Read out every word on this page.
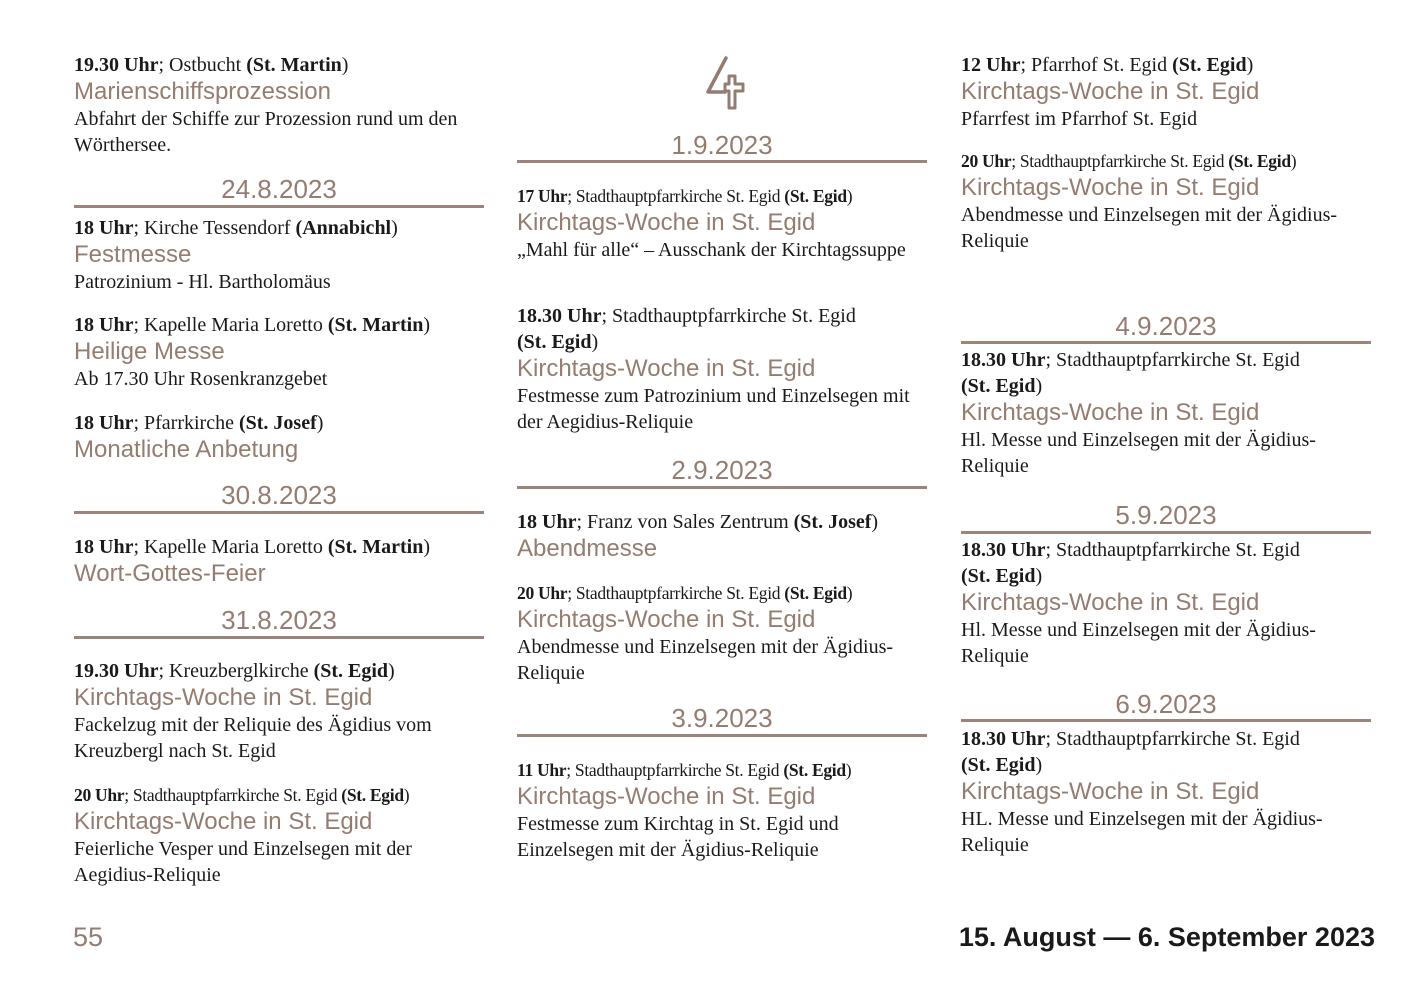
19.30 Uhr; Ostbucht (St. Martin)
Marienschiffsprozession
Abfahrt der Schiffe zur Prozession rund um den Wörthersee.
24.8.2023
18 Uhr; Kirche Tessendorf (Annabichl)
Festmesse
Patrozinium - Hl. Bartholomäus
18 Uhr; Kapelle Maria Loretto (St. Martin)
Heilige Messe
Ab 17.30 Uhr Rosenkranzgebet
18 Uhr; Pfarrkirche (St. Josef)
Monatliche Anbetung
30.8.2023
18 Uhr; Kapelle Maria Loretto (St. Martin)
Wort-Gottes-Feier
31.8.2023
19.30 Uhr; Kreuzberglkirche (St. Egid)
Kirchtags-Woche in St. Egid
Fackelzug mit der Reliquie des Ägidius vom Kreuzbergl nach St. Egid
20 Uhr; Stadthauptpfarrkirche St. Egid (St. Egid)
Kirchtags-Woche in St. Egid
Feierliche Vesper und Einzelsegen mit der Aegidius-Reliquie
1.9.2023
17 Uhr; Stadthauptpfarrkirche St. Egid (St. Egid)
Kirchtags-Woche in St. Egid
„Mahl für alle“ – Ausschank der Kirchtagssuppe
18.30 Uhr; Stadthauptpfarrkirche St. Egid
(St. Egid)
Kirchtags-Woche in St. Egid
Festmesse zum Patrozinium und Einzelsegen mit der Aegidius-Reliquie
2.9.2023
18 Uhr; Franz von Sales Zentrum (St. Josef)
Abendmesse
20 Uhr; Stadthauptpfarrkirche St. Egid (St. Egid)
Kirchtags-Woche in St. Egid
Abendmesse und Einzelsegen mit der Ägidius-Reliquie
3.9.2023
11 Uhr; Stadthauptpfarrkirche St. Egid (St. Egid)
Kirchtags-Woche in St. Egid
Festmesse zum Kirchtag in St. Egid und Einzelsegen mit der Ägidius-Reliquie
12 Uhr; Pfarrhof St. Egid (St. Egid)
Kirchtags-Woche in St. Egid
Pfarrfest im Pfarrhof St. Egid
20 Uhr; Stadthauptpfarrkirche St. Egid (St. Egid)
Kirchtags-Woche in St. Egid
Abendmesse und Einzelsegen mit der Ägidius-Reliquie
4.9.2023
18.30 Uhr; Stadthauptpfarrkirche St. Egid
(St. Egid)
Kirchtags-Woche in St. Egid
Hl. Messe und Einzelsegen mit der Ägidius-Reliquie
5.9.2023
18.30 Uhr; Stadthauptpfarrkirche St. Egid
(St. Egid)
Kirchtags-Woche in St. Egid
Hl. Messe und Einzelsegen mit der Ägidius-Reliquie
6.9.2023
18.30 Uhr; Stadthauptpfarrkirche St. Egid
(St. Egid)
Kirchtags-Woche in St. Egid
HL. Messe und Einzelsegen mit der Ägidius-Reliquie
55	15. August — 6. September 2023
